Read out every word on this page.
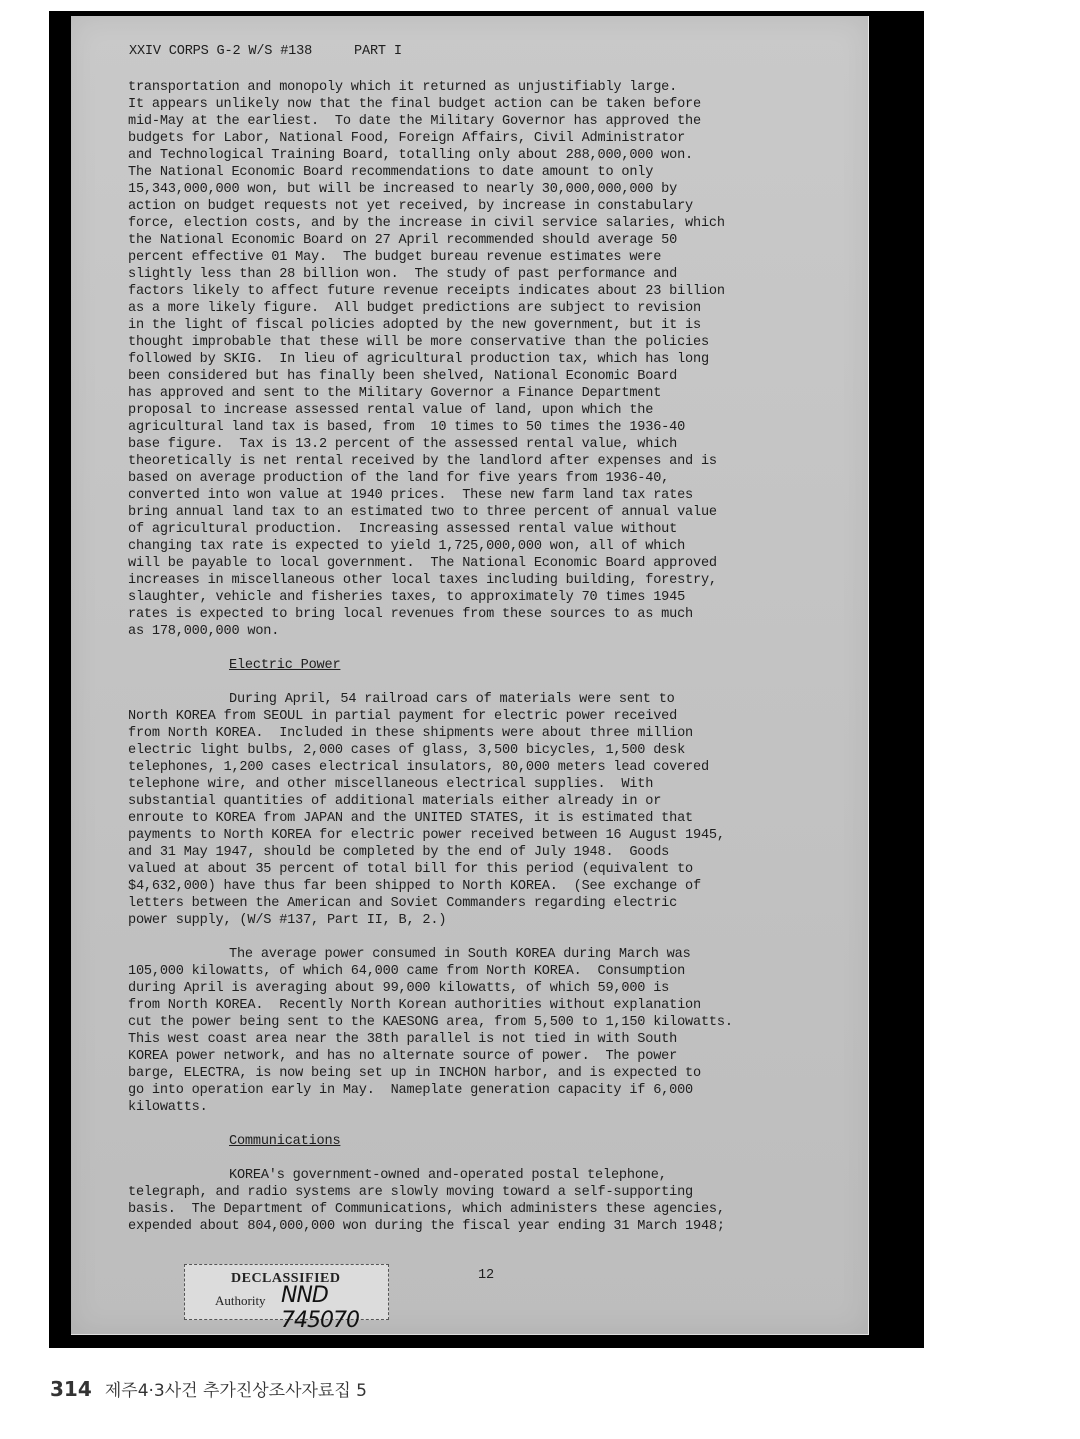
XXIV CORPS G-2 W/S #138	PART I
transportation and monopoly which it returned as unjustifiably large.
It appears unlikely now that the final budget action can be taken before
mid-May at the earliest.  To date the Military Governor has approved the
budgets for Labor, National Food, Foreign Affairs, Civil Administrator
and Technological Training Board, totalling only about 288,000,000 won.
The National Economic Board recommendations to date amount to only
15,343,000,000 won, but will be increased to nearly 30,000,000,000 by
action on budget requests not yet received, by increase in constabulary
force, election costs, and by the increase in civil service salaries, which
the National Economic Board on 27 April recommended should average 50
percent effective 01 May.  The budget bureau revenue estimates were
slightly less than 28 billion won.  The study of past performance and
factors likely to affect future revenue receipts indicates about 23 billion
as a more likely figure.  All budget predictions are subject to revision
in the light of fiscal policies adopted by the new government, but it is
thought improbable that these will be more conservative than the policies
followed by SKIG.  In lieu of agricultural production tax, which has long
been considered but has finally been shelved, National Economic Board
has approved and sent to the Military Governor a Finance Department
proposal to increase assessed rental value of land, upon which the
agricultural land tax is based, from  10 times to 50 times the 1936-40
base figure.  Tax is 13.2 percent of the assessed rental value, which
theoretically is net rental received by the landlord after expenses and is
based on average production of the land for five years from 1936-40,
converted into won value at 1940 prices.  These new farm land tax rates
bring annual land tax to an estimated two to three percent of annual value
of agricultural production.  Increasing assessed rental value without
changing tax rate is expected to yield 1,725,000,000 won, all of which
will be payable to local government.  The National Economic Board approved
increases in miscellaneous other local taxes including building, forestry,
slaughter, vehicle and fisheries taxes, to approximately 70 times 1945
rates is expected to bring local revenues from these sources to as much
as 178,000,000 won.
Electric Power
During April, 54 railroad cars of materials were sent to
North KOREA from SEOUL in partial payment for electric power received
from North KOREA.  Included in these shipments were about three million
electric light bulbs, 2,000 cases of glass, 3,500 bicycles, 1,500 desk
telephones, 1,200 cases electrical insulators, 80,000 meters lead covered
telephone wire, and other miscellaneous electrical supplies.  With
substantial quantities of additional materials either already in or
enroute to KOREA from JAPAN and the UNITED STATES, it is estimated that
payments to North KOREA for electric power received between 16 August 1945,
and 31 May 1947, should be completed by the end of July 1948.  Goods
valued at about 35 percent of total bill for this period (equivalent to
$4,632,000) have thus far been shipped to North KOREA.  (See exchange of
letters between the American and Soviet Commanders regarding electric
power supply, (W/S #137, Part II, B, 2.)
The average power consumed in South KOREA during March was
105,000 kilowatts, of which 64,000 came from North KOREA.  Consumption
during April is averaging about 99,000 kilowatts, of which 59,000 is
from North KOREA.  Recently North Korean authorities without explanation
cut the power being sent to the KAESONG area, from 5,500 to 1,150 kilowatts.
This west coast area near the 38th parallel is not tied in with South
KOREA power network, and has no alternate source of power.  The power
barge, ELECTRA, is now being set up in INCHON harbor, and is expected to
go into operation early in May.  Nameplate generation capacity if 6,000
kilowatts.
Communications
KOREA's government-owned and-operated postal telephone,
telegraph, and radio systems are slowly moving toward a self-supporting
basis.  The Department of Communications, which administers these agencies,
expended about 804,000,000 won during the fiscal year ending 31 March 1948;
DECLASSIFIED
Authority NND 745070
12
314 제주4·3사건 추가진상조사자료집 5
